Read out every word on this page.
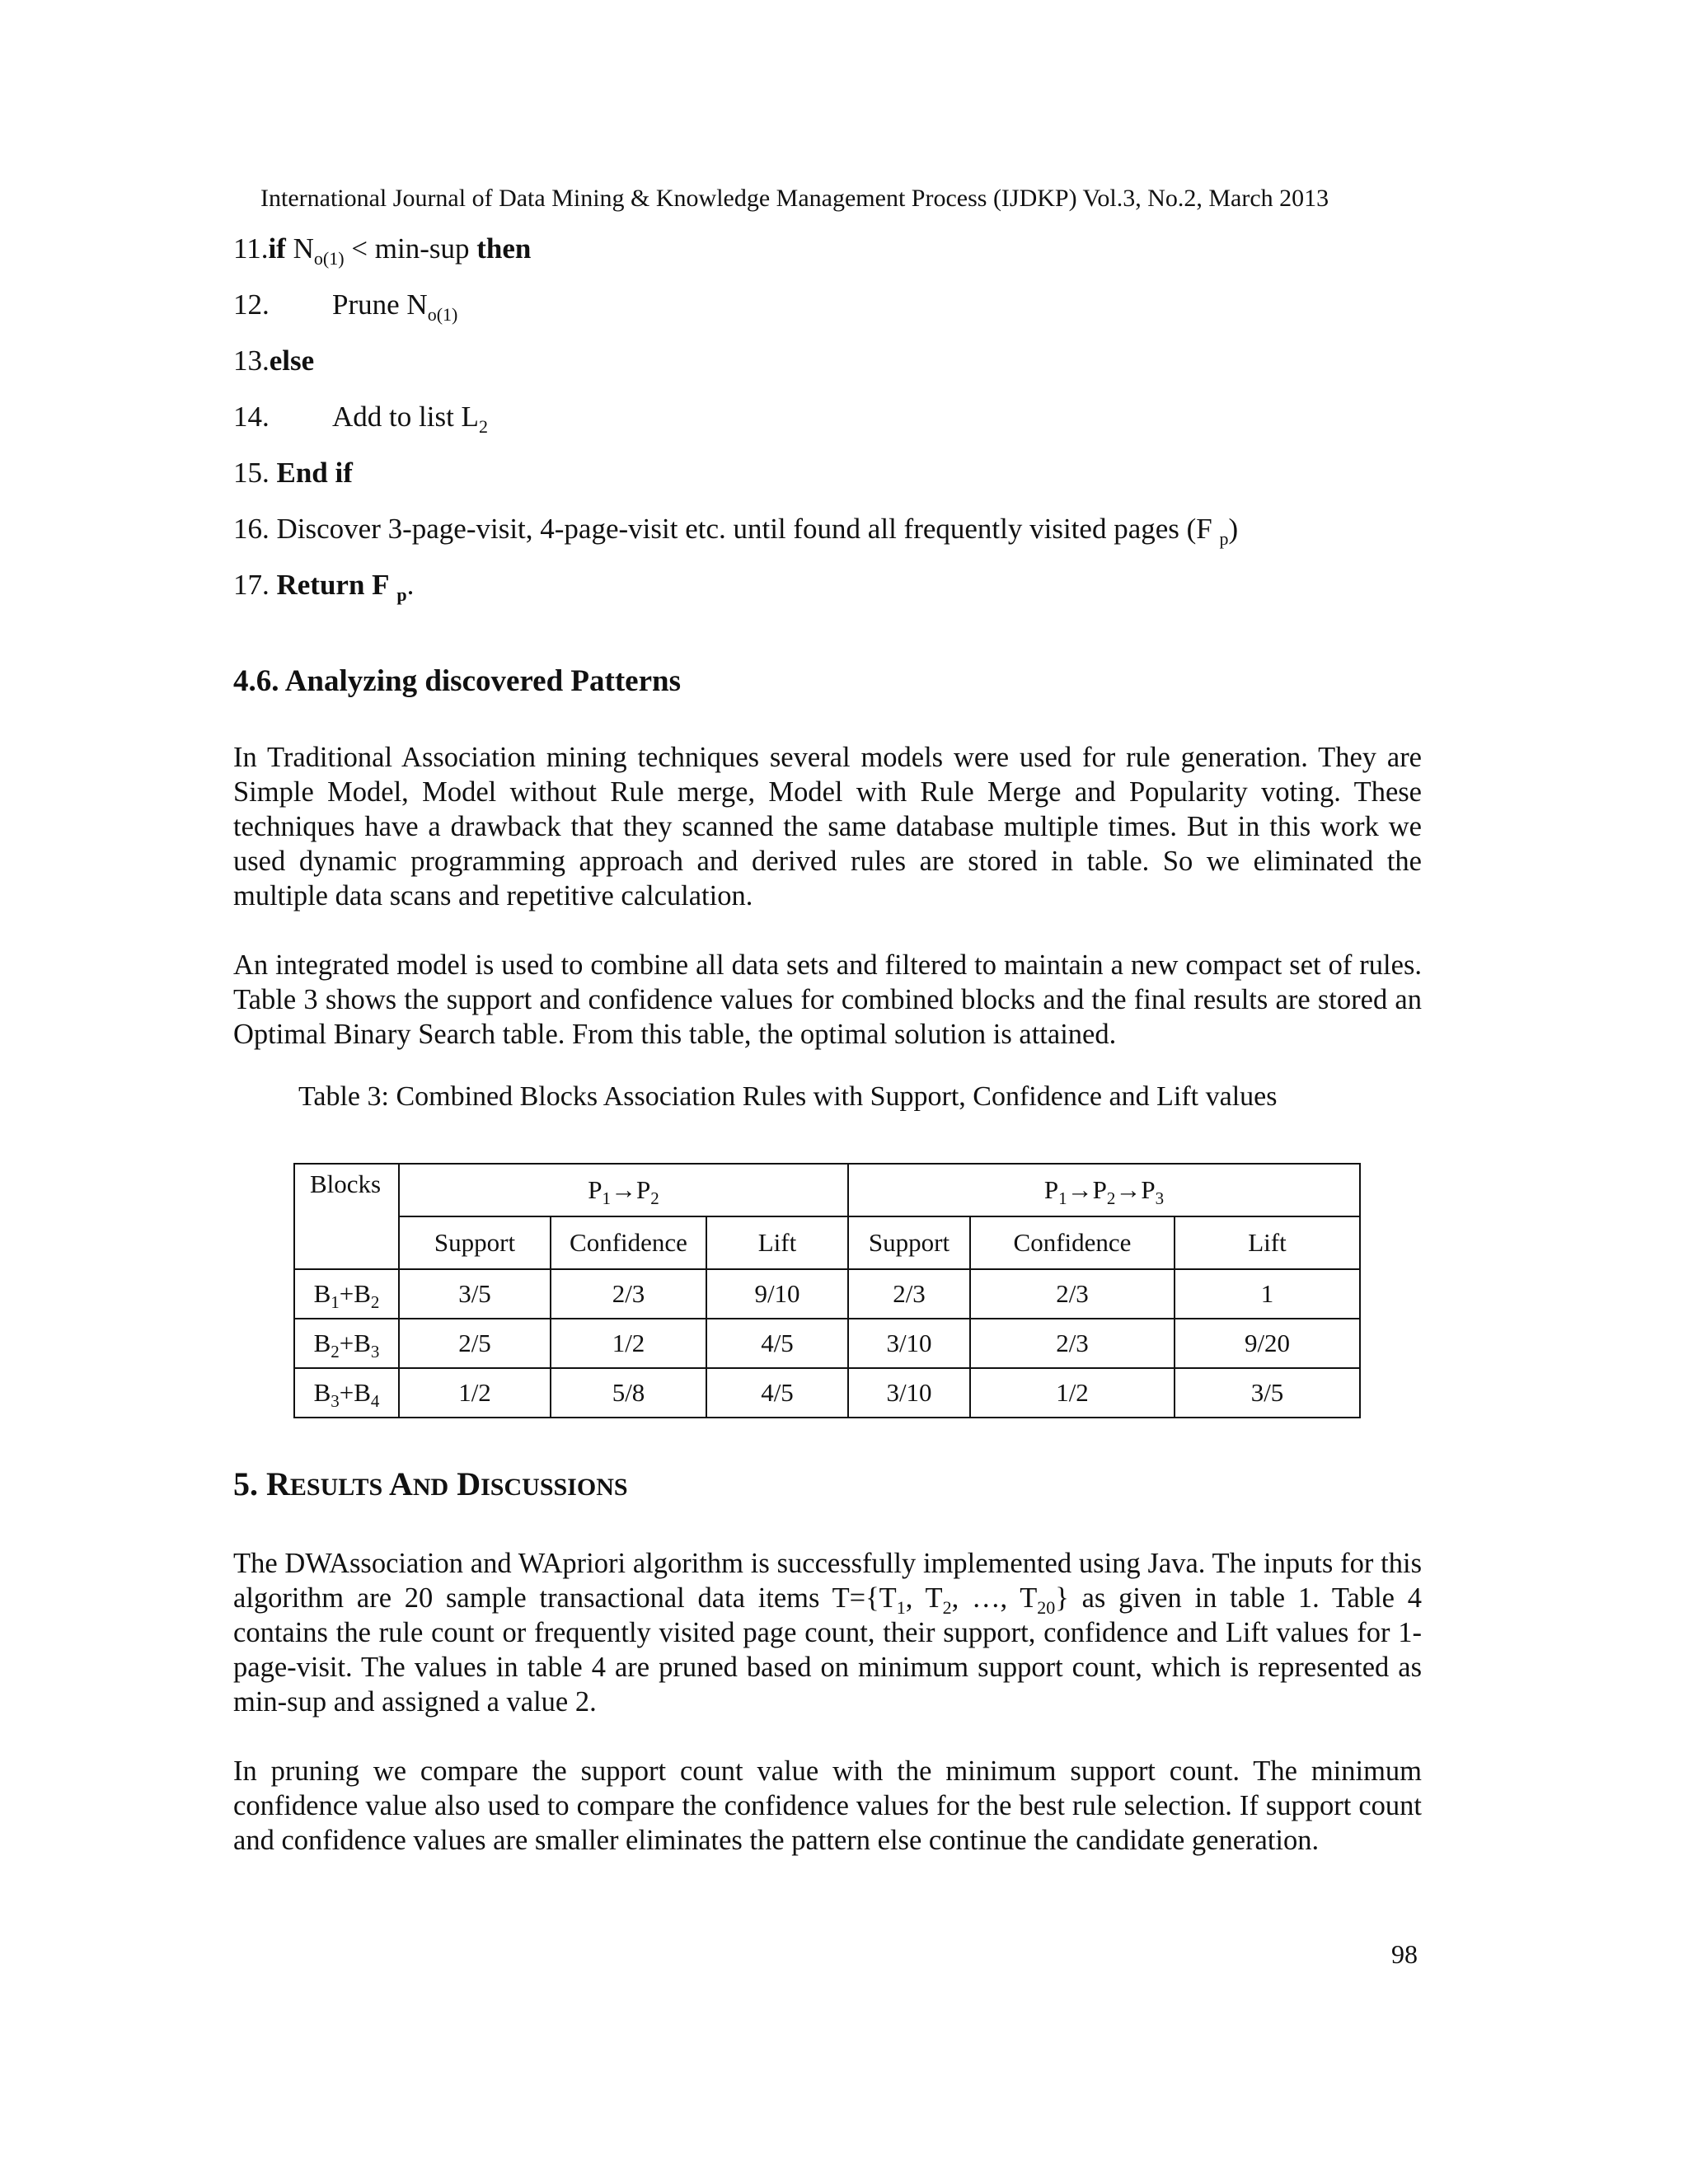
International Journal of Data Mining & Knowledge Management Process (IJDKP) Vol.3, No.2, March 2013
11.if $N_{o(1)} < \min-sup$ then
12. Prune $N_{o(1)}$
13.else
14. Add to list $L_2$
15. End if
16. Discover 3-page-visit, 4-page-visit etc. until found all frequently visited pages (F $_p$)
17. Return F $_p$.
4.6. Analyzing discovered Patterns
In Traditional Association mining techniques several models were used for rule generation. They are Simple Model, Model without Rule merge, Model with Rule Merge and Popularity voting. These techniques have a drawback that they scanned the same database multiple times. But in this work we used dynamic programming approach and derived rules are stored in table. So we eliminated the multiple data scans and repetitive calculation.
An integrated model is used to combine all data sets and filtered to maintain a new compact set of rules. Table 3 shows the support and confidence values for combined blocks and the final results are stored an Optimal Binary Search table. From this table, the optimal solution is attained.
Table 3: Combined Blocks Association Rules with Support, Confidence and Lift values
Blocks	$P_1\to P_2$			$P_1\to P_2\to P_3$
	Support	Confidence	Lift	Support	Confidence	Lift
$B_1+B_2$	3/5	2/3	9/10	2/3	2/3	1
$B_2+B_3$	2/5	1/2	4/5	3/10	2/3	9/20
$B_3+B_4$	1/2	5/8	4/5	3/10	1/2	3/5
5. RESULTS AND DISCUSSIONS
The DWAssociation and WApriori algorithm is successfully implemented using Java. The inputs for this algorithm are 20 sample transactional data items $T=\{T_1$, $T_2$, …, $T_{20}$} as given in table 1. Table 4 contains the rule count or frequently visited page count, their support, confidence and Lift values for 1- page-visit. The values in table 4 are pruned based on minimum support count, which is represented as min-sup and assigned a value 2.
In pruning we compare the support count value with the minimum support count. The minimum confidence value also used to compare the confidence values for the best rule selection. If support count and confidence values are smaller eliminates the pattern else continue the candidate generation.
98
